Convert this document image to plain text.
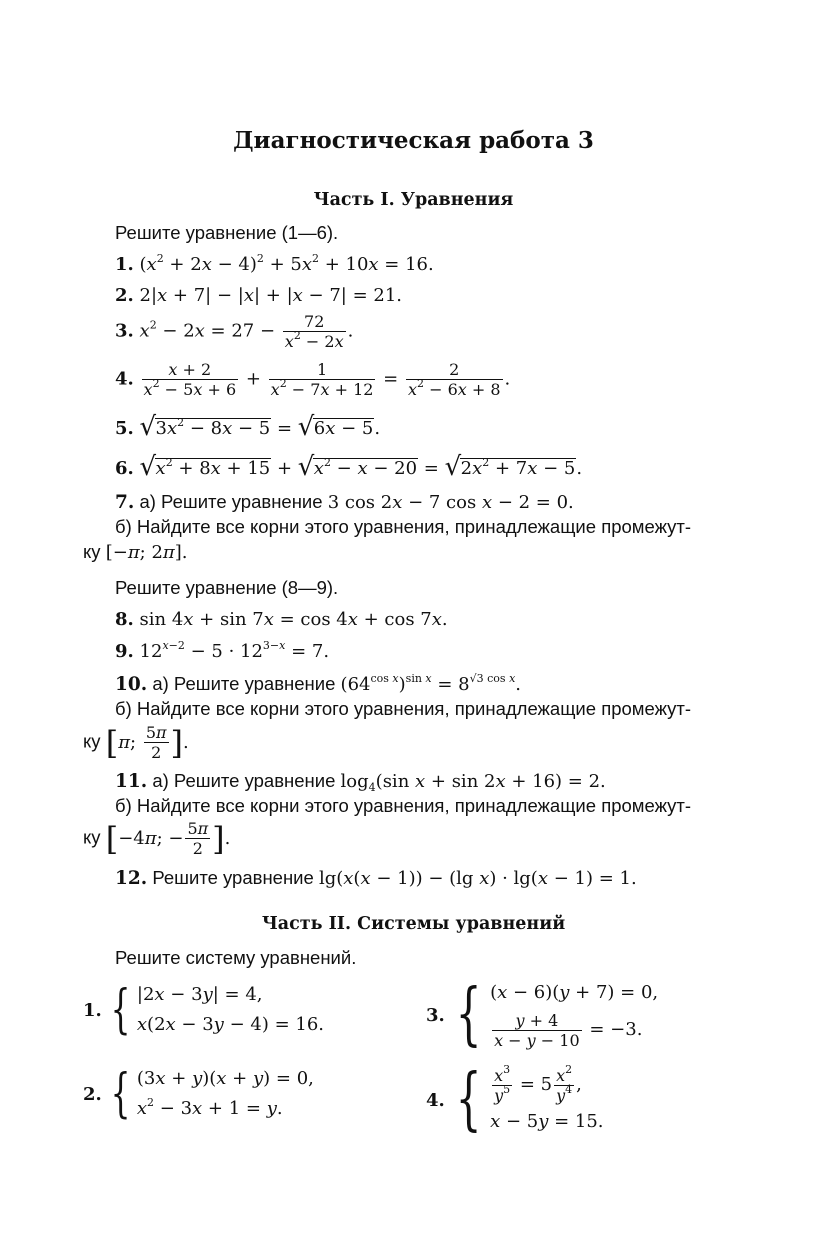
Диагностическая работа 3
Часть I. Уравнения
Решите уравнение (1—6).
1. $(x^2 + 2x - 4)^2 + 5x^2 + 10x = 16$.
2. 2|x + 7| − |x| + |x − 7| = 21.
3. $x^2 - 2x = 27 - \frac{72}{x^2 - 2x}$ .
4. $\frac{x + 2}{x^2 - 5x + 6} + \frac{1}{x^2 - 7x + 12} = \frac{2}{x^2 - 6x + 8}$ .
5. √ $3x^2 - 8x - 5$ = √ 6x − 5.
6. √ $x^2 + 8x + 15$ + √ $x^2 - x - 20$ = √ $2x^2 + 7x - 5$.
7. а) Решите уравнение 3 cos 2x − 7 cos x − 2 = 0.
б) Найдите все корни этого уравнения, принадлежащие промежут-
ку [−π; 2π].
Решите уравнение (8—9).
8. sin 4x + sin 7x = cos 4x + cos 7x.
9. $12^{x-2} - 5 \cdot 12^{3-x} = 7$.
10. а) Решите уравнение $(64^{cos x})^{sin x} = 8^{√3 cos x}$.
б) Найдите все корни этого уравнения, принадлежащие промежут-
ку [π; $\frac{5\pi}{2}$ ].
11. а) Решите уравнение $\log_4(\sin$ x + sin 2x + 16) = 2.
б) Найдите все корни этого уравнения, принадлежащие промежут-
ку [−4π; − $\frac{5\pi}{2}$ ].
12. Решите уравнение lg(x(x − 1)) − (lg x) · lg(x − 1) = 1.
Часть II. Системы уравнений
Решите систему уравнений.
1. { |2x − 3y| = 4,
x(2x − 3y − 4) = 16.
2. { (3x + y)(x + y) = 0,
$x^2 - 3x + 1 = y$.
3. { (x − 6)(y + 7) = 0,
$\frac{y + 4}{x - y - 10} = -3$.
4. { $\frac{x^3}{y^5} = 5 \frac{x^2}{y^4}$ ,
x − 5y = 15.
